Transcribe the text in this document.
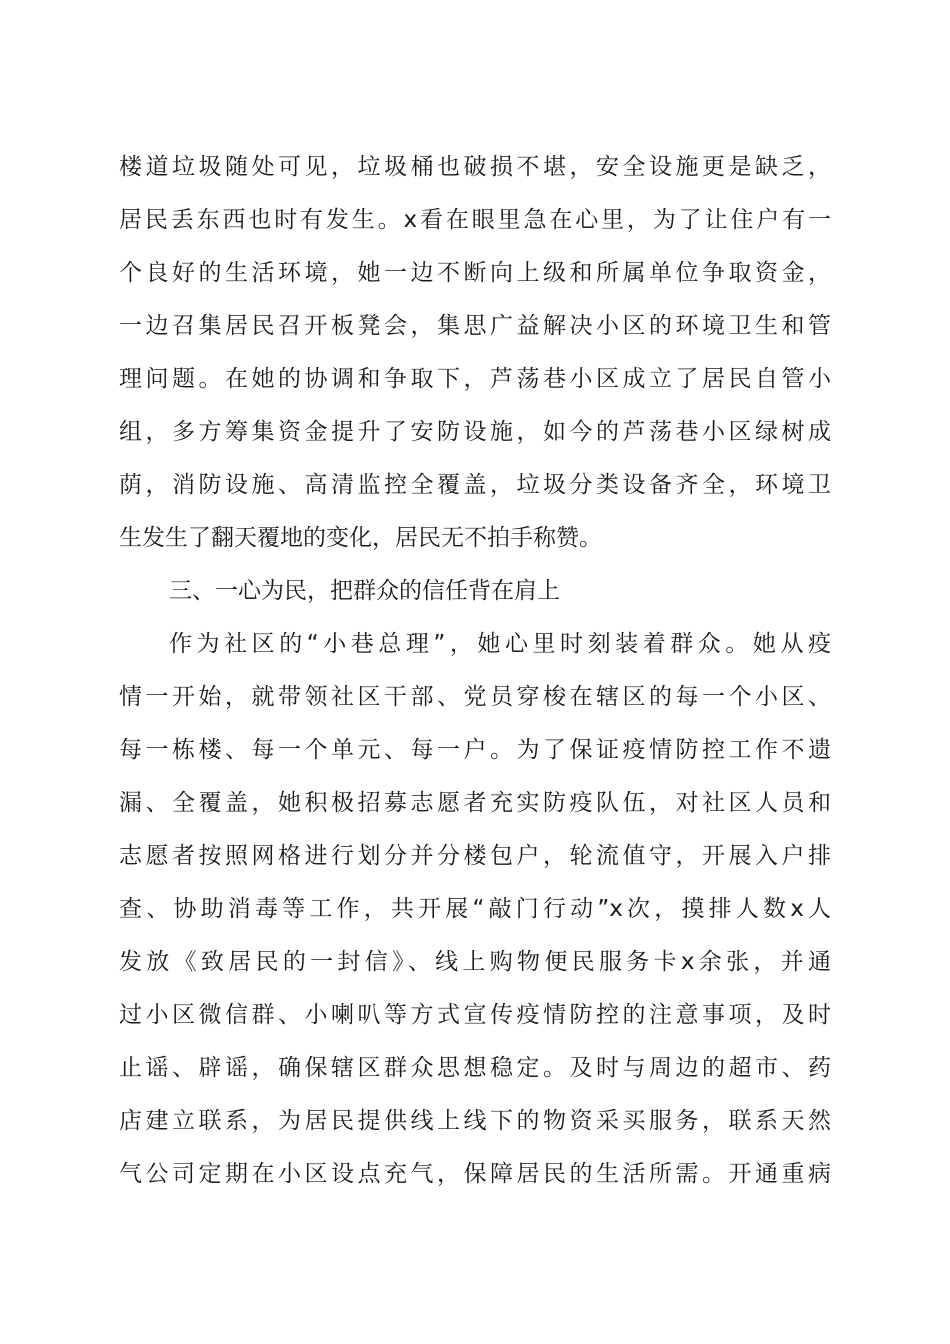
楼道垃圾随处可见，垃圾桶也破损不堪，安全设施更是缺乏，
居民丢东西也时有发生。x看在眼里急在心里，为了让住户有一
个良好的生活环境，她一边不断向上级和所属单位争取资金，
一边召集居民召开板凳会，集思广益解决小区的环境卫生和管
理问题。在她的协调和争取下，芦荡巷小区成立了居民自管小
组，多方筹集资金提升了安防设施，如今的芦荡巷小区绿树成
荫，消防设施、高清监控全覆盖，垃圾分类设备齐全，环境卫
生发生了翻天覆地的变化，居民无不拍手称赞。
三、一心为民，把群众的信任背在肩上
作为社区的“小巷总理”，她心里时刻装着群众。她从疫
情一开始，就带领社区干部、党员穿梭在辖区的每一个小区、
每一栋楼、每一个单元、每一户。为了保证疫情防控工作不遗
漏、全覆盖，她积极招募志愿者充实防疫队伍，对社区人员和
志愿者按照网格进行划分并分楼包户，轮流值守，开展入户排
查、协助消毒等工作，共开展“敲门行动”x次，摸排人数x人
发放《致居民的一封信》、线上购物便民服务卡x余张，并通
过小区微信群、小喇叭等方式宣传疫情防控的注意事项，及时
止谣、辟谣，确保辖区群众思想稳定。及时与周边的超市、药
店建立联系，为居民提供线上线下的物资采买服务，联系天然
气公司定期在小区设点充气，保障居民的生活所需。开通重病
